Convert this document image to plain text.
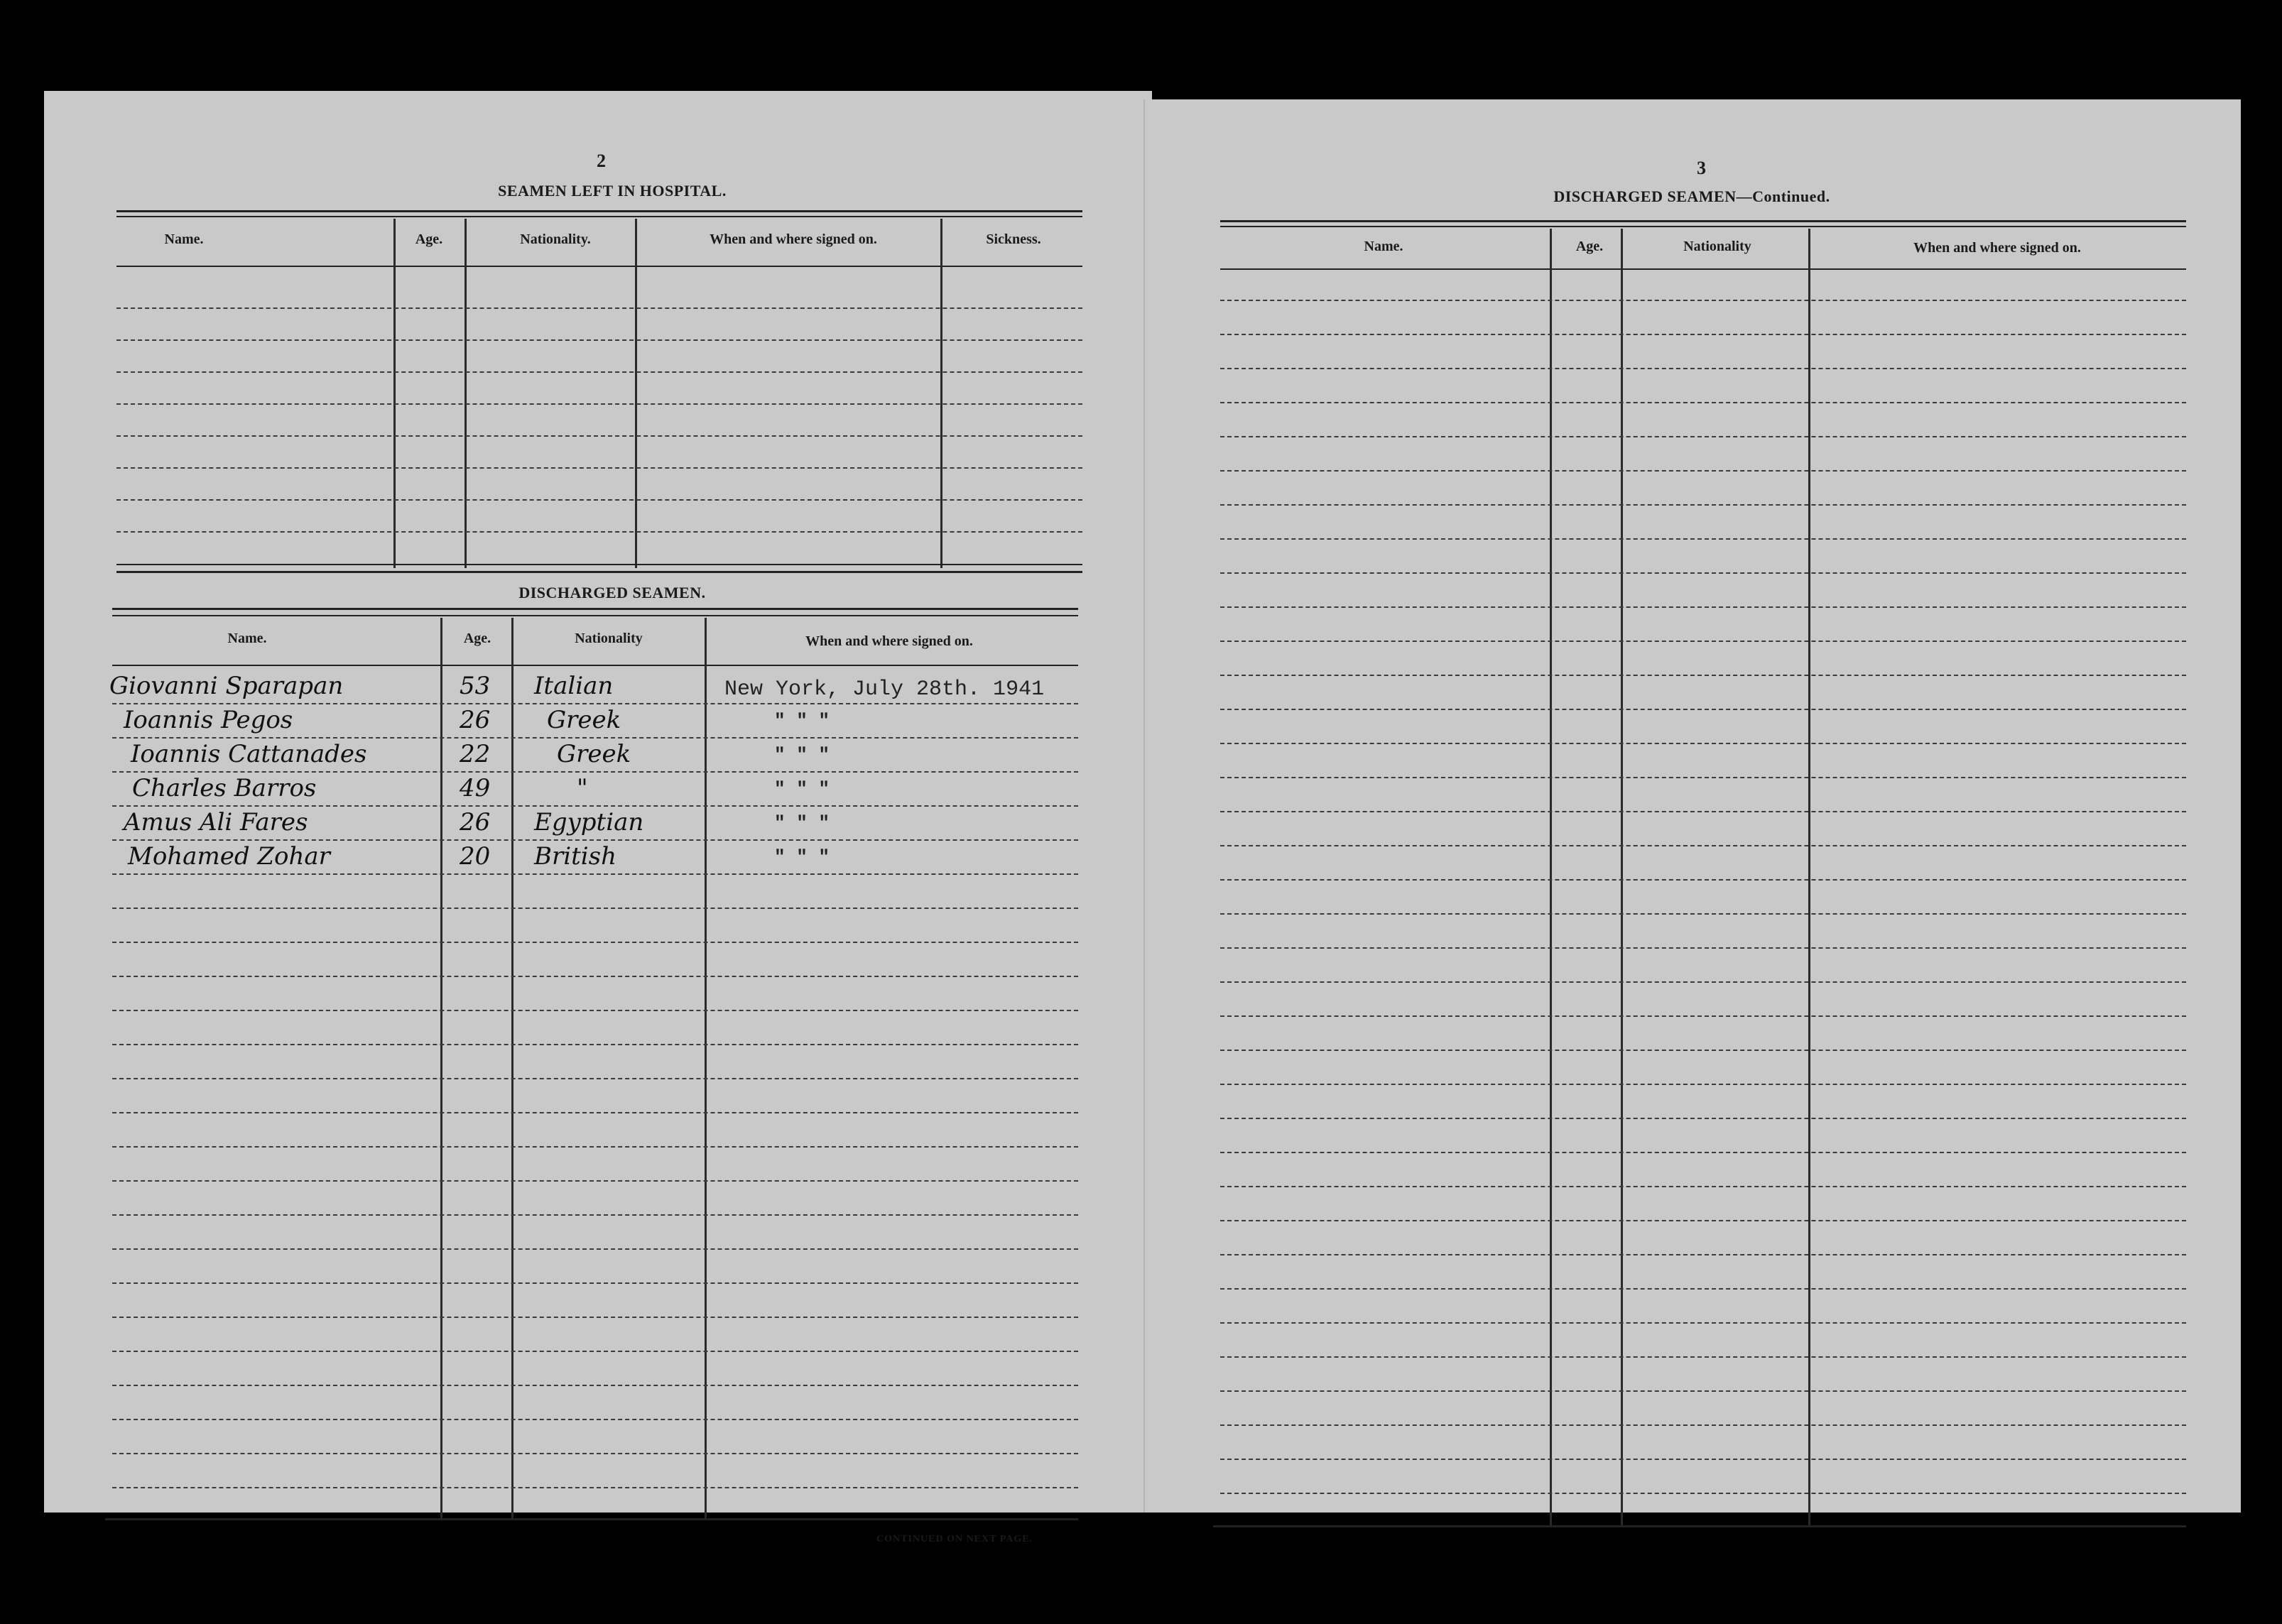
2
SEAMEN LEFT IN HOSPITAL.
Name.	Age.	Nationality.	When and where signed on.	Sickness.
DISCHARGED SEAMEN.
Name.	Age.	Nationality	When and where signed on.
Giovanni Sparapan	53 Italian	New York, July 28th. 1941
Ioannis Pegos	26 Greek	" " "
Ioannis Cattanades	22	Greek	" " "
Charles Barros	49	"	" " "
Amus Ali Fares	26 Egyptian	" " "
Mohamed Zohar	20 British	" " "
CONTINUED ON NEXT PAGE.
3
DISCHARGED SEAMEN—Continued.
Name.	Age.	Nationality	When and where signed on.
